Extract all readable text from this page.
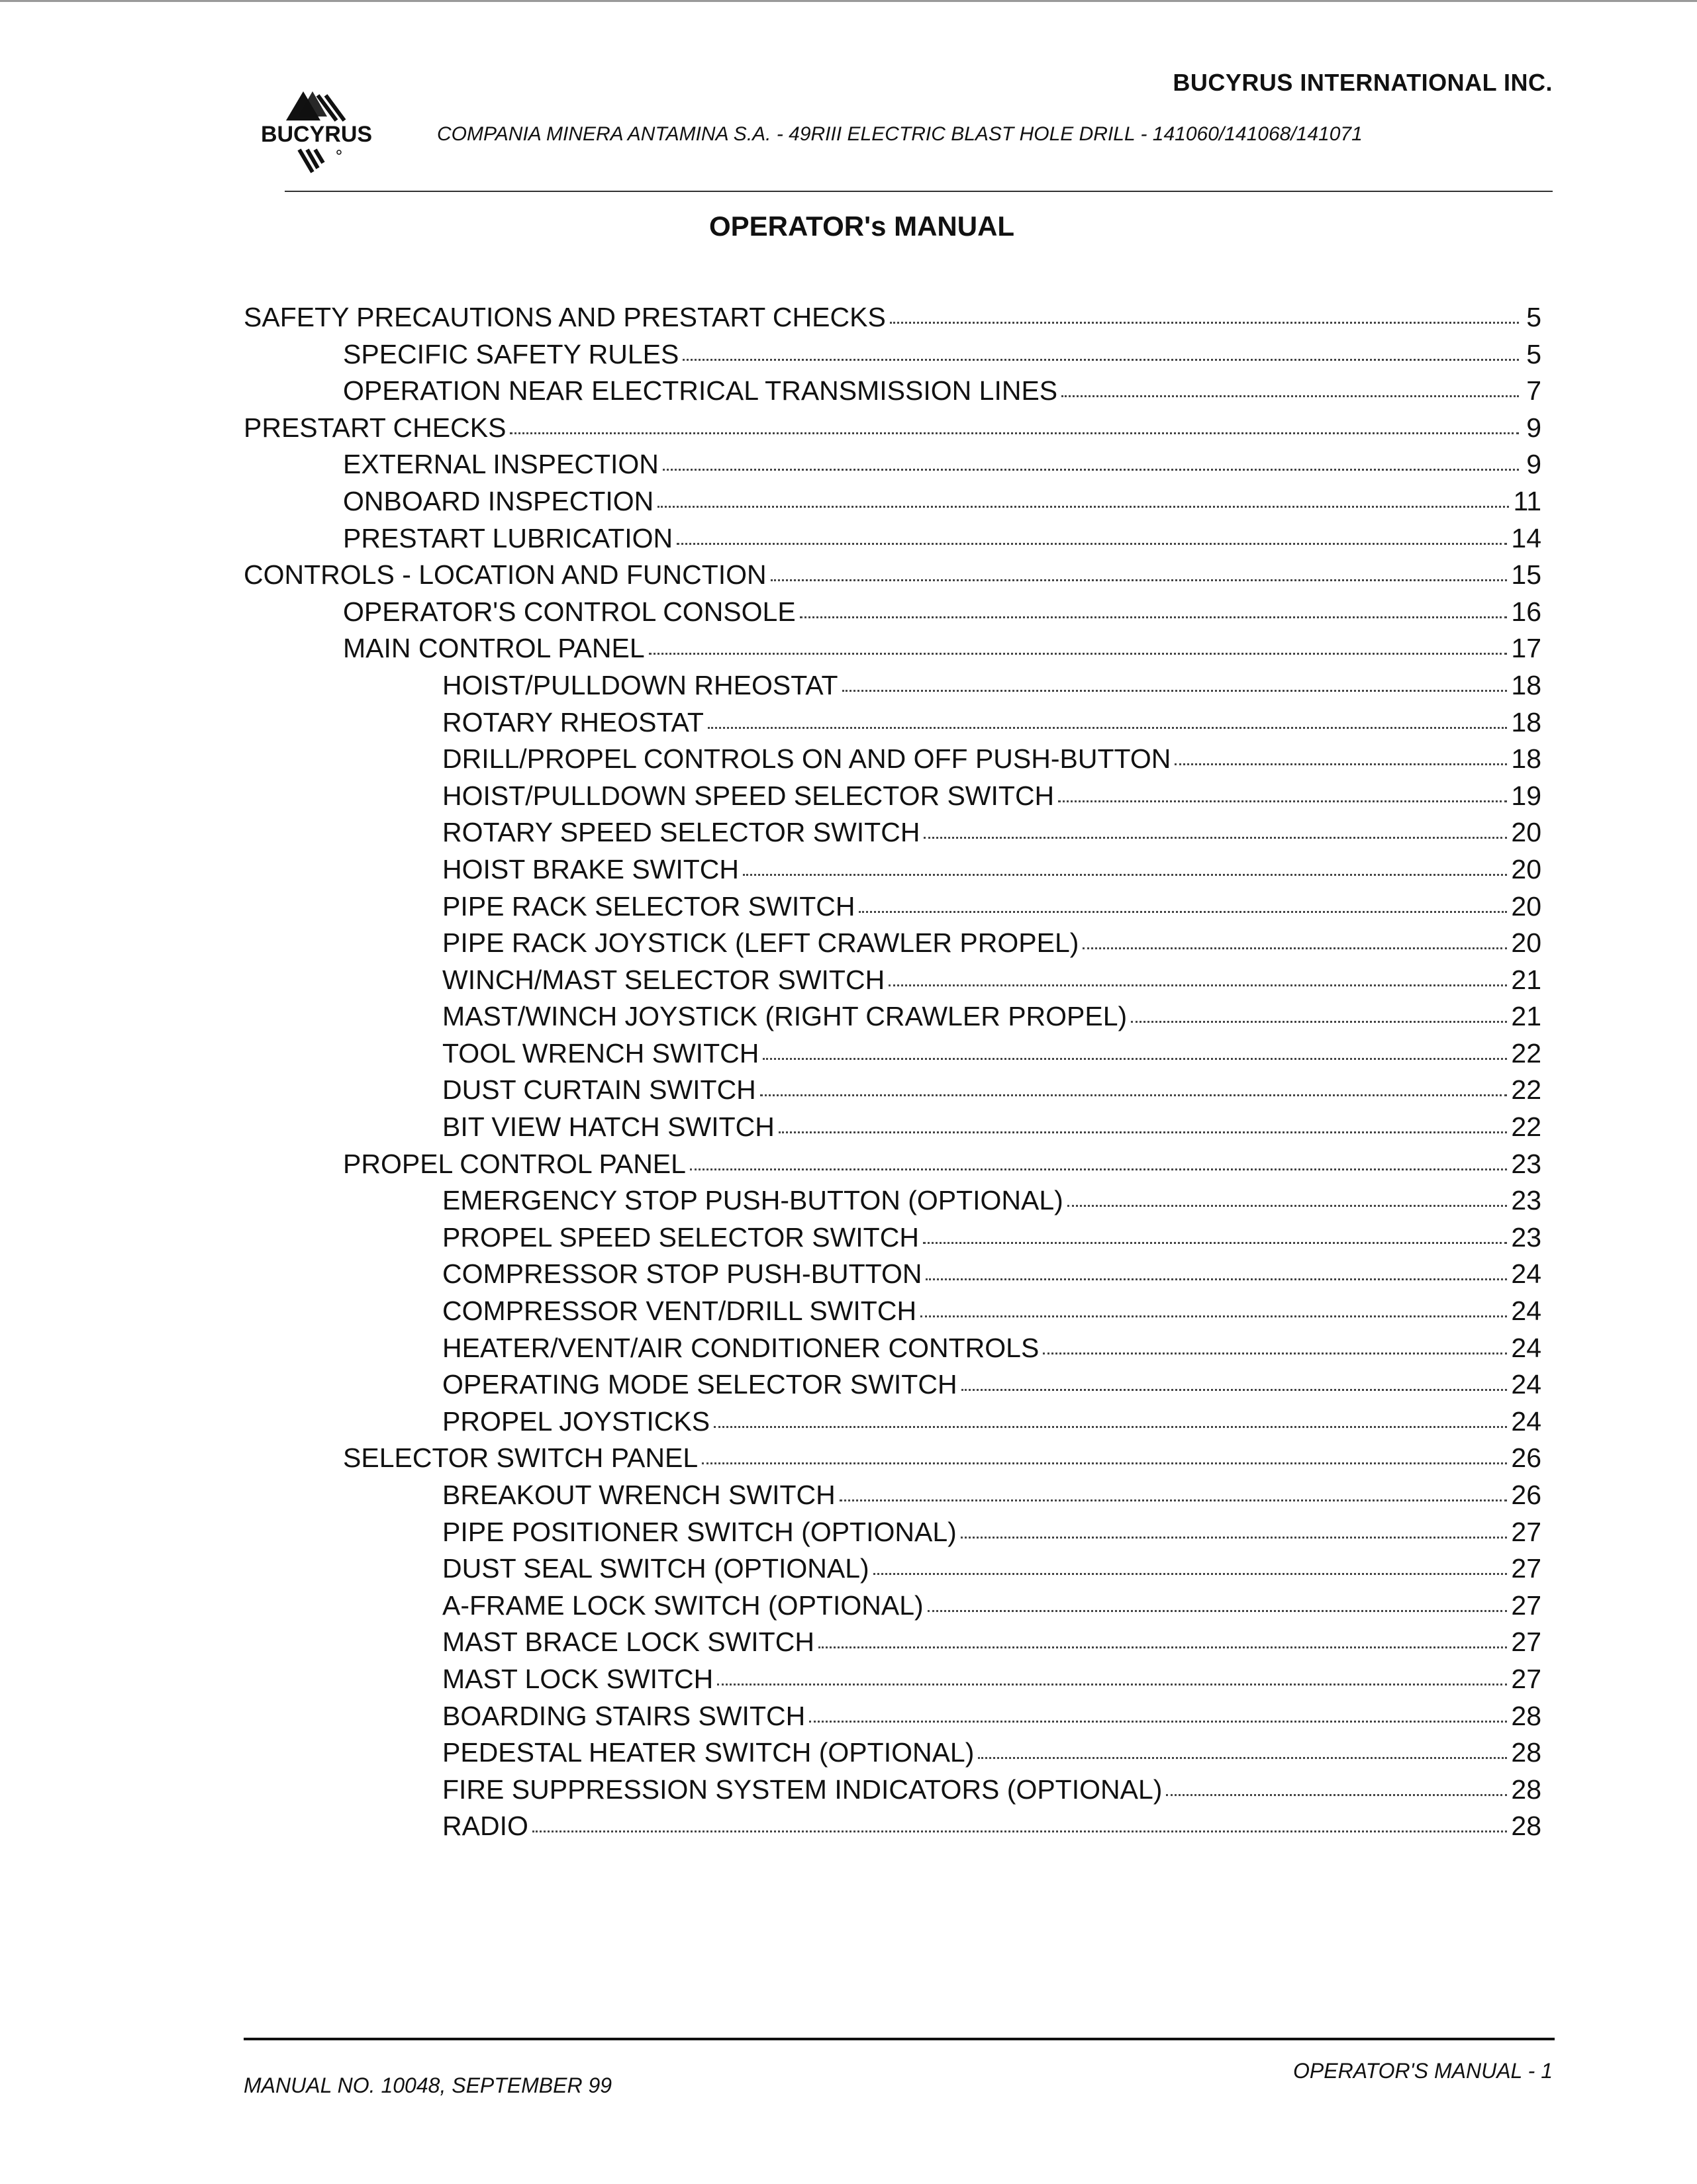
BUCYRUS INTERNATIONAL INC.
BUCYRUS	COMPANIA MINERA ANTAMINA S.A. - 49RIII ELECTRIC BLAST HOLE DRILL - 141060/141068/141071
OPERATOR's MANUAL
SAFETY PRECAUTIONS AND PRESTART CHECKS	5
SPECIFIC SAFETY RULES	5
OPERATION NEAR ELECTRICAL TRANSMISSION LINES	7
PRESTART CHECKS	9
EXTERNAL INSPECTION	9
ONBOARD INSPECTION	11
PRESTART LUBRICATION	14
CONTROLS - LOCATION AND FUNCTION	15
OPERATOR'S CONTROL CONSOLE	16
MAIN CONTROL PANEL	17
HOIST/PULLDOWN RHEOSTAT	18
ROTARY RHEOSTAT	18
DRILL/PROPEL CONTROLS ON AND OFF PUSH-BUTTON	18
HOIST/PULLDOWN SPEED SELECTOR SWITCH	19
ROTARY SPEED SELECTOR SWITCH	20
HOIST BRAKE SWITCH	20
PIPE RACK SELECTOR SWITCH	20
PIPE RACK JOYSTICK (LEFT CRAWLER PROPEL)	20
WINCH/MAST SELECTOR SWITCH	21
MAST/WINCH JOYSTICK (RIGHT CRAWLER PROPEL)	21
TOOL WRENCH SWITCH	22
DUST CURTAIN SWITCH	22
BIT VIEW HATCH SWITCH	22
PROPEL CONTROL PANEL	23
EMERGENCY STOP PUSH-BUTTON (OPTIONAL)	23
PROPEL SPEED SELECTOR SWITCH	23
COMPRESSOR STOP PUSH-BUTTON	24
COMPRESSOR VENT/DRILL SWITCH	24
HEATER/VENT/AIR CONDITIONER CONTROLS	24
OPERATING MODE SELECTOR SWITCH	24
PROPEL JOYSTICKS	24
SELECTOR SWITCH PANEL	26
BREAKOUT WRENCH SWITCH	26
PIPE POSITIONER SWITCH (OPTIONAL)	27
DUST SEAL SWITCH (OPTIONAL)	27
A-FRAME LOCK SWITCH (OPTIONAL)	27
MAST BRACE LOCK SWITCH	27
MAST LOCK SWITCH	27
BOARDING STAIRS SWITCH	28
PEDESTAL HEATER SWITCH (OPTIONAL)	28
FIRE SUPPRESSION SYSTEM INDICATORS (OPTIONAL)	28
RADIO	28
MANUAL NO. 10048, SEPTEMBER 99
OPERATOR'S MANUAL - 1
